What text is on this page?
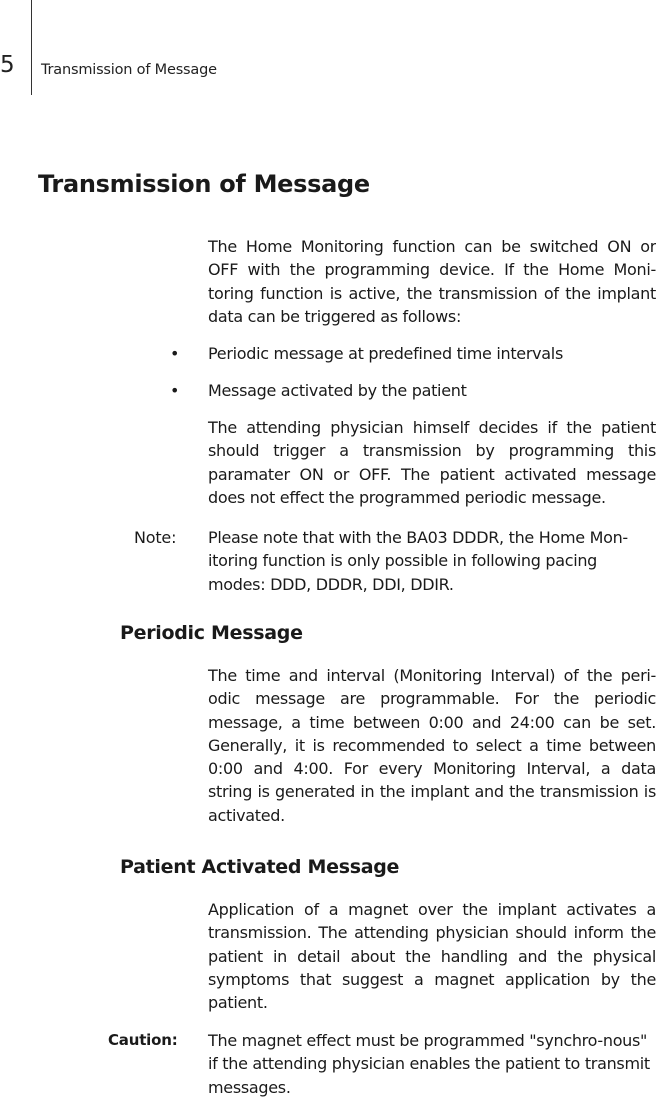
5 Transmission of Message
Transmission of Message

The Home Monitoring function can be switched ON or OFF with the programming device. If the Home Moni-toring function is active, the transmission of the implant data can be triggered as follows:

• Periodic message at predefined time intervals
• Message activated by the patient

The attending physician himself decides if the patient should trigger a transmission by programming this paramater ON or OFF. The patient activated message does not effect the programmed periodic message.

Note: Please note that with the BA03 DDDR, the Home Mon-itoring function is only possible in following pacing modes: DDD, DDDR, DDI, DDIR.

Periodic Message

The time and interval (Monitoring Interval) of the peri-odic message are programmable. For the periodic message, a time between 0:00 and 24:00 can be set. Generally, it is recommended to select a time between 0:00 and 4:00. For every Monitoring Interval, a data string is generated in the implant and the transmission is activated.

Patient Activated Message

Application of a magnet over the implant activates a transmission. The attending physician should inform the patient in detail about the handling and the physical symptoms that suggest a magnet application by the patient.

Caution: The magnet effect must be programmed "synchro-nous" if the attending physician enables the patient to transmit messages.
